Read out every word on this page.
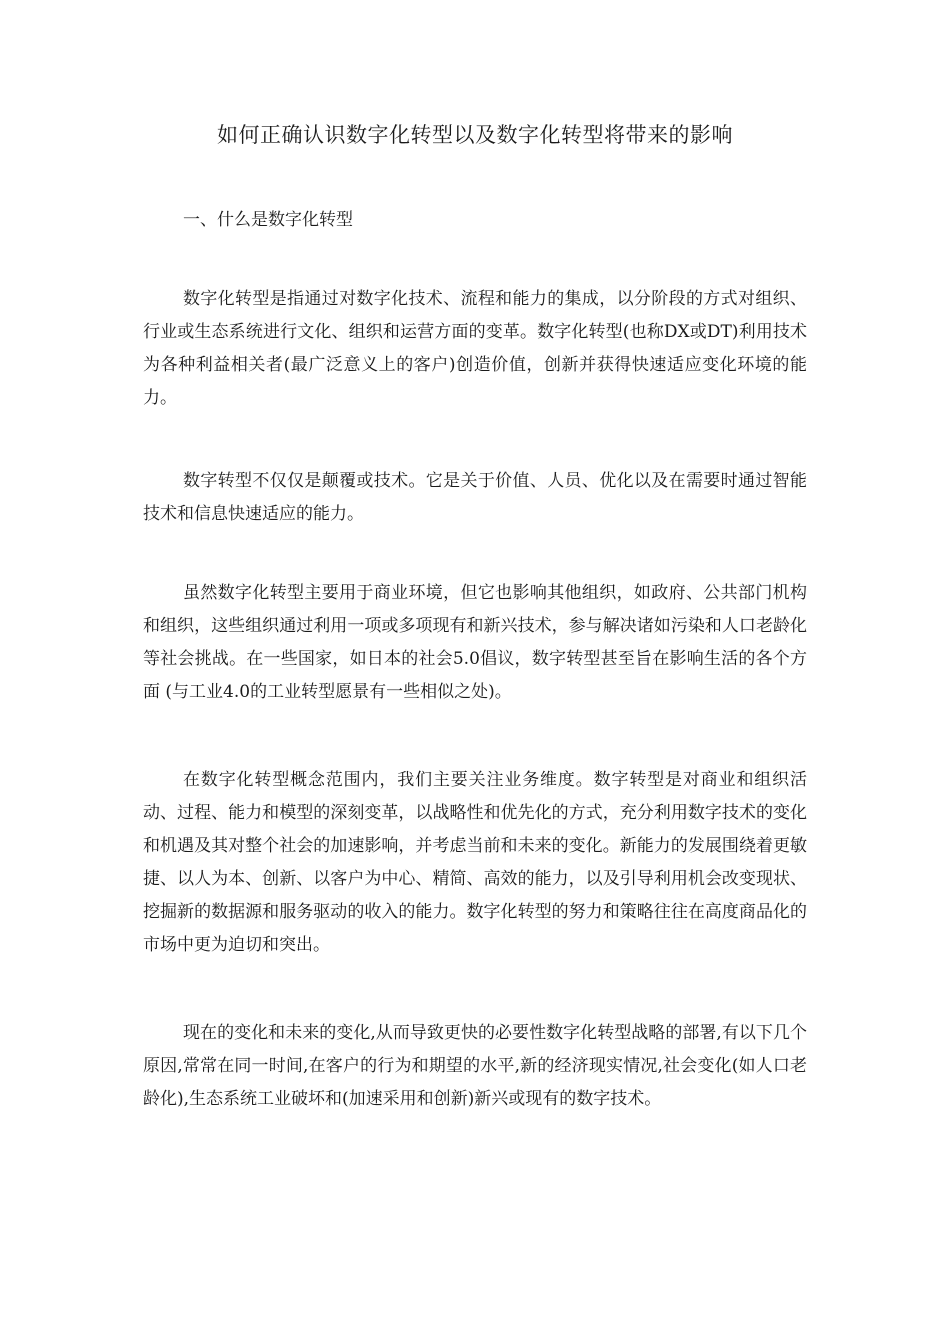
如何正确认识数字化转型以及数字化转型将带来的影响
一、什么是数字化转型

数字化转型是指通过对数字化技术、流程和能力的集成，以分阶段的方式对组织、行业或生态系统进行文化、组织和运营方面的变革。数字化转型(也称DX或DT)利用技术为各种利益相关者(最广泛意义上的客户)创造价值，创新并获得快速适应变化环境的能力。

数字转型不仅仅是颠覆或技术。它是关于价值、人员、优化以及在需要时通过智能技术和信息快速适应的能力。

虽然数字化转型主要用于商业环境，但它也影响其他组织，如政府、公共部门机构和组织，这些组织通过利用一项或多项现有和新兴技术，参与解决诸如污染和人口老龄化等社会挑战。在一些国家，如日本的社会5.0倡议，数字转型甚至旨在影响生活的各个方面 (与工业4.0的工业转型愿景有一些相似之处)。

在数字化转型概念范围内，我们主要关注业务维度。数字转型是对商业和组织活动、过程、能力和模型的深刻变革，以战略性和优先化的方式，充分利用数字技术的变化和机遇及其对整个社会的加速影响，并考虑当前和未来的变化。新能力的发展围绕着更敏捷、以人为本、创新、以客户为中心、精简、高效的能力，以及引导利用机会改变现状、挖掘新的数据源和服务驱动的收入的能力。数字化转型的努力和策略往往在高度商品化的市场中更为迫切和突出。

现在的变化和未来的变化,从而导致更快的必要性数字化转型战略的部署,有以下几个原因,常常在同一时间,在客户的行为和期望的水平,新的经济现实情况,社会变化(如人口老龄化),生态系统工业破坏和(加速采用和创新)新兴或现有的数字技术。
